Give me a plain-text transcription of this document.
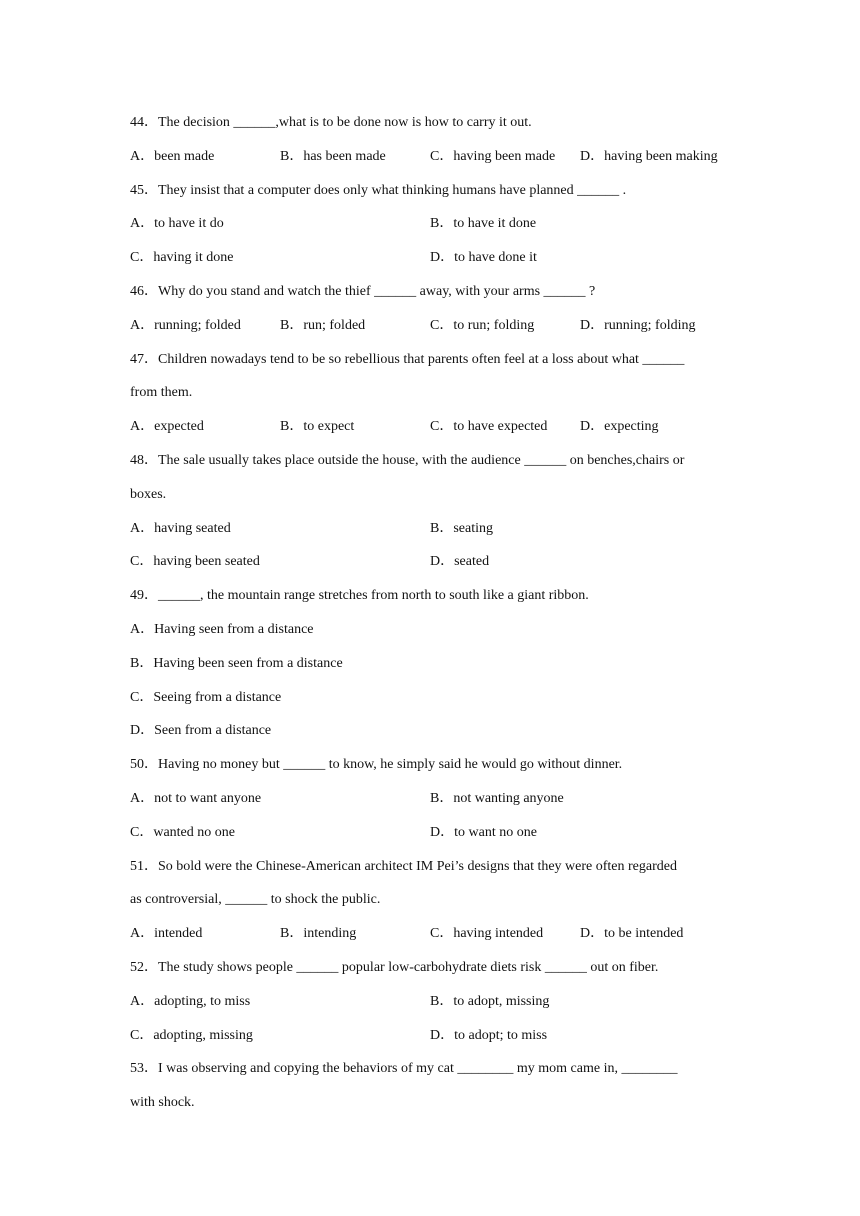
44．The decision ______,what is to be done now is how to carry it out.
A．been made	B．has been made	C．having been made D．having been making
45．They insist that a computer does only what thinking humans have planned ______ .
A．to have it do	B．to have it done
C．having it done	D．to have done it
46．Why do you stand and watch the thief ______ away, with your arms ______ ?
A．running; folded	B．run; folded	C．to run; folding	D．running; folding
47．Children nowadays tend to be so rebellious that parents often feel at a loss about what ______
from them.
A．expected	B．to expect	C．to have expected D．expecting
48．The sale usually takes place outside the house, with the audience ______ on benches,chairs or
boxes.
A．having seated	B．seating
C．having been seated	D．seated
49．______, the mountain range stretches from north to south like a giant ribbon.
A．Having seen from a distance
B．Having been seen from a distance
C．Seeing from a distance
D．Seen from a distance
50．Having no money but ______ to know, he simply said he would go without dinner.
A．not to want anyone	B．not wanting anyone
C．wanted no one	D．to want no one
51．So bold were the Chinese-American architect IM Pei’s designs that they were often regarded
as controversial, ______ to shock the public.
A．intended	B．intending	C．having intended	D．to be intended
52．The study shows people ______ popular low-carbohydrate diets risk ______ out on fiber.
A．adopting, to miss	B．to adopt, missing
C．adopting, missing	D．to adopt; to miss
53．I was observing and copying the behaviors of my cat ________ my mom came in, ________
with shock.
